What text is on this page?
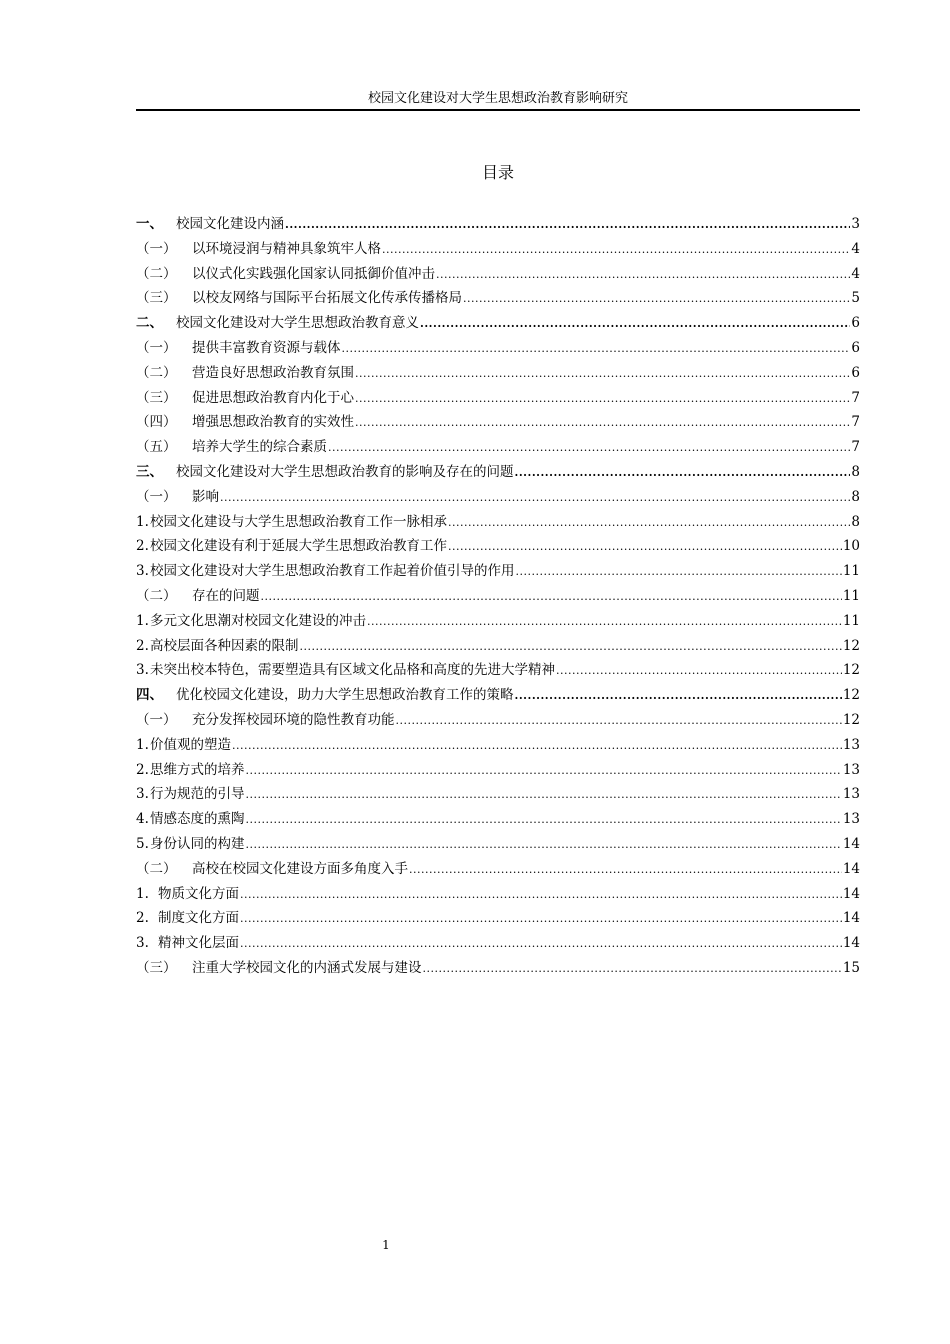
校园文化建设对大学生思想政治教育影响研究
目录
一、 校园文化建设内涵 .....	3
（一）	以环境浸润与精神具象筑牢人格 .....	4
（二）	以仪式化实践强化国家认同抵御价值冲击 .....	4
（三）	以校友网络与国际平台拓展文化传承传播格局 .....	5
二、 校园文化建设对大学生思想政治教育意义 .....	6
（一）	提供丰富教育资源与载体 .....	6
（二）	营造良好思想政治教育氛围 .....	6
（三）	促进思想政治教育内化于心 .....	7
（四）	增强思想政治教育的实效性 .....	7
（五）	培养大学生的综合素质 .....	7
三、 校园文化建设对大学生思想政治教育的影响及存在的问题 .....	8
（一）	影响 .....	8
1. 校园文化建设与大学生思想政治教育工作一脉相承 .....	8
2. 校园文化建设有利于延展大学生思想政治教育工作 .....	10
3. 校园文化建设对大学生思想政治教育工作起着价值引导的作用 .....	11
（二）	存在的问题 .....	11
1. 多元文化思潮对校园文化建设的冲击 .....	11
2. 高校层面各种因素的限制 .....	12
3. 未突出校本特色，需要塑造具有区域文化品格和高度的先进大学精神 .....	12
四、 优化校园文化建设，助力大学生思想政治教育工作的策略 .....	12
（一）	充分发挥校园环境的隐性教育功能 .....	12
1. 价值观的塑造 .....	13
2. 思维方式的培养 .....	13
3. 行为规范的引导 .....	13
4. 情感态度的熏陶 .....	13
5. 身份认同的构建 .....	14
（二）	高校在校园文化建设方面多角度入手 .....	14
1. 物质文化方面 .....	14
2. 制度文化方面 .....	14
3. 精神文化层面 .....	14
（三）	注重大学校园文化的内涵式发展与建设 .....	15
1
